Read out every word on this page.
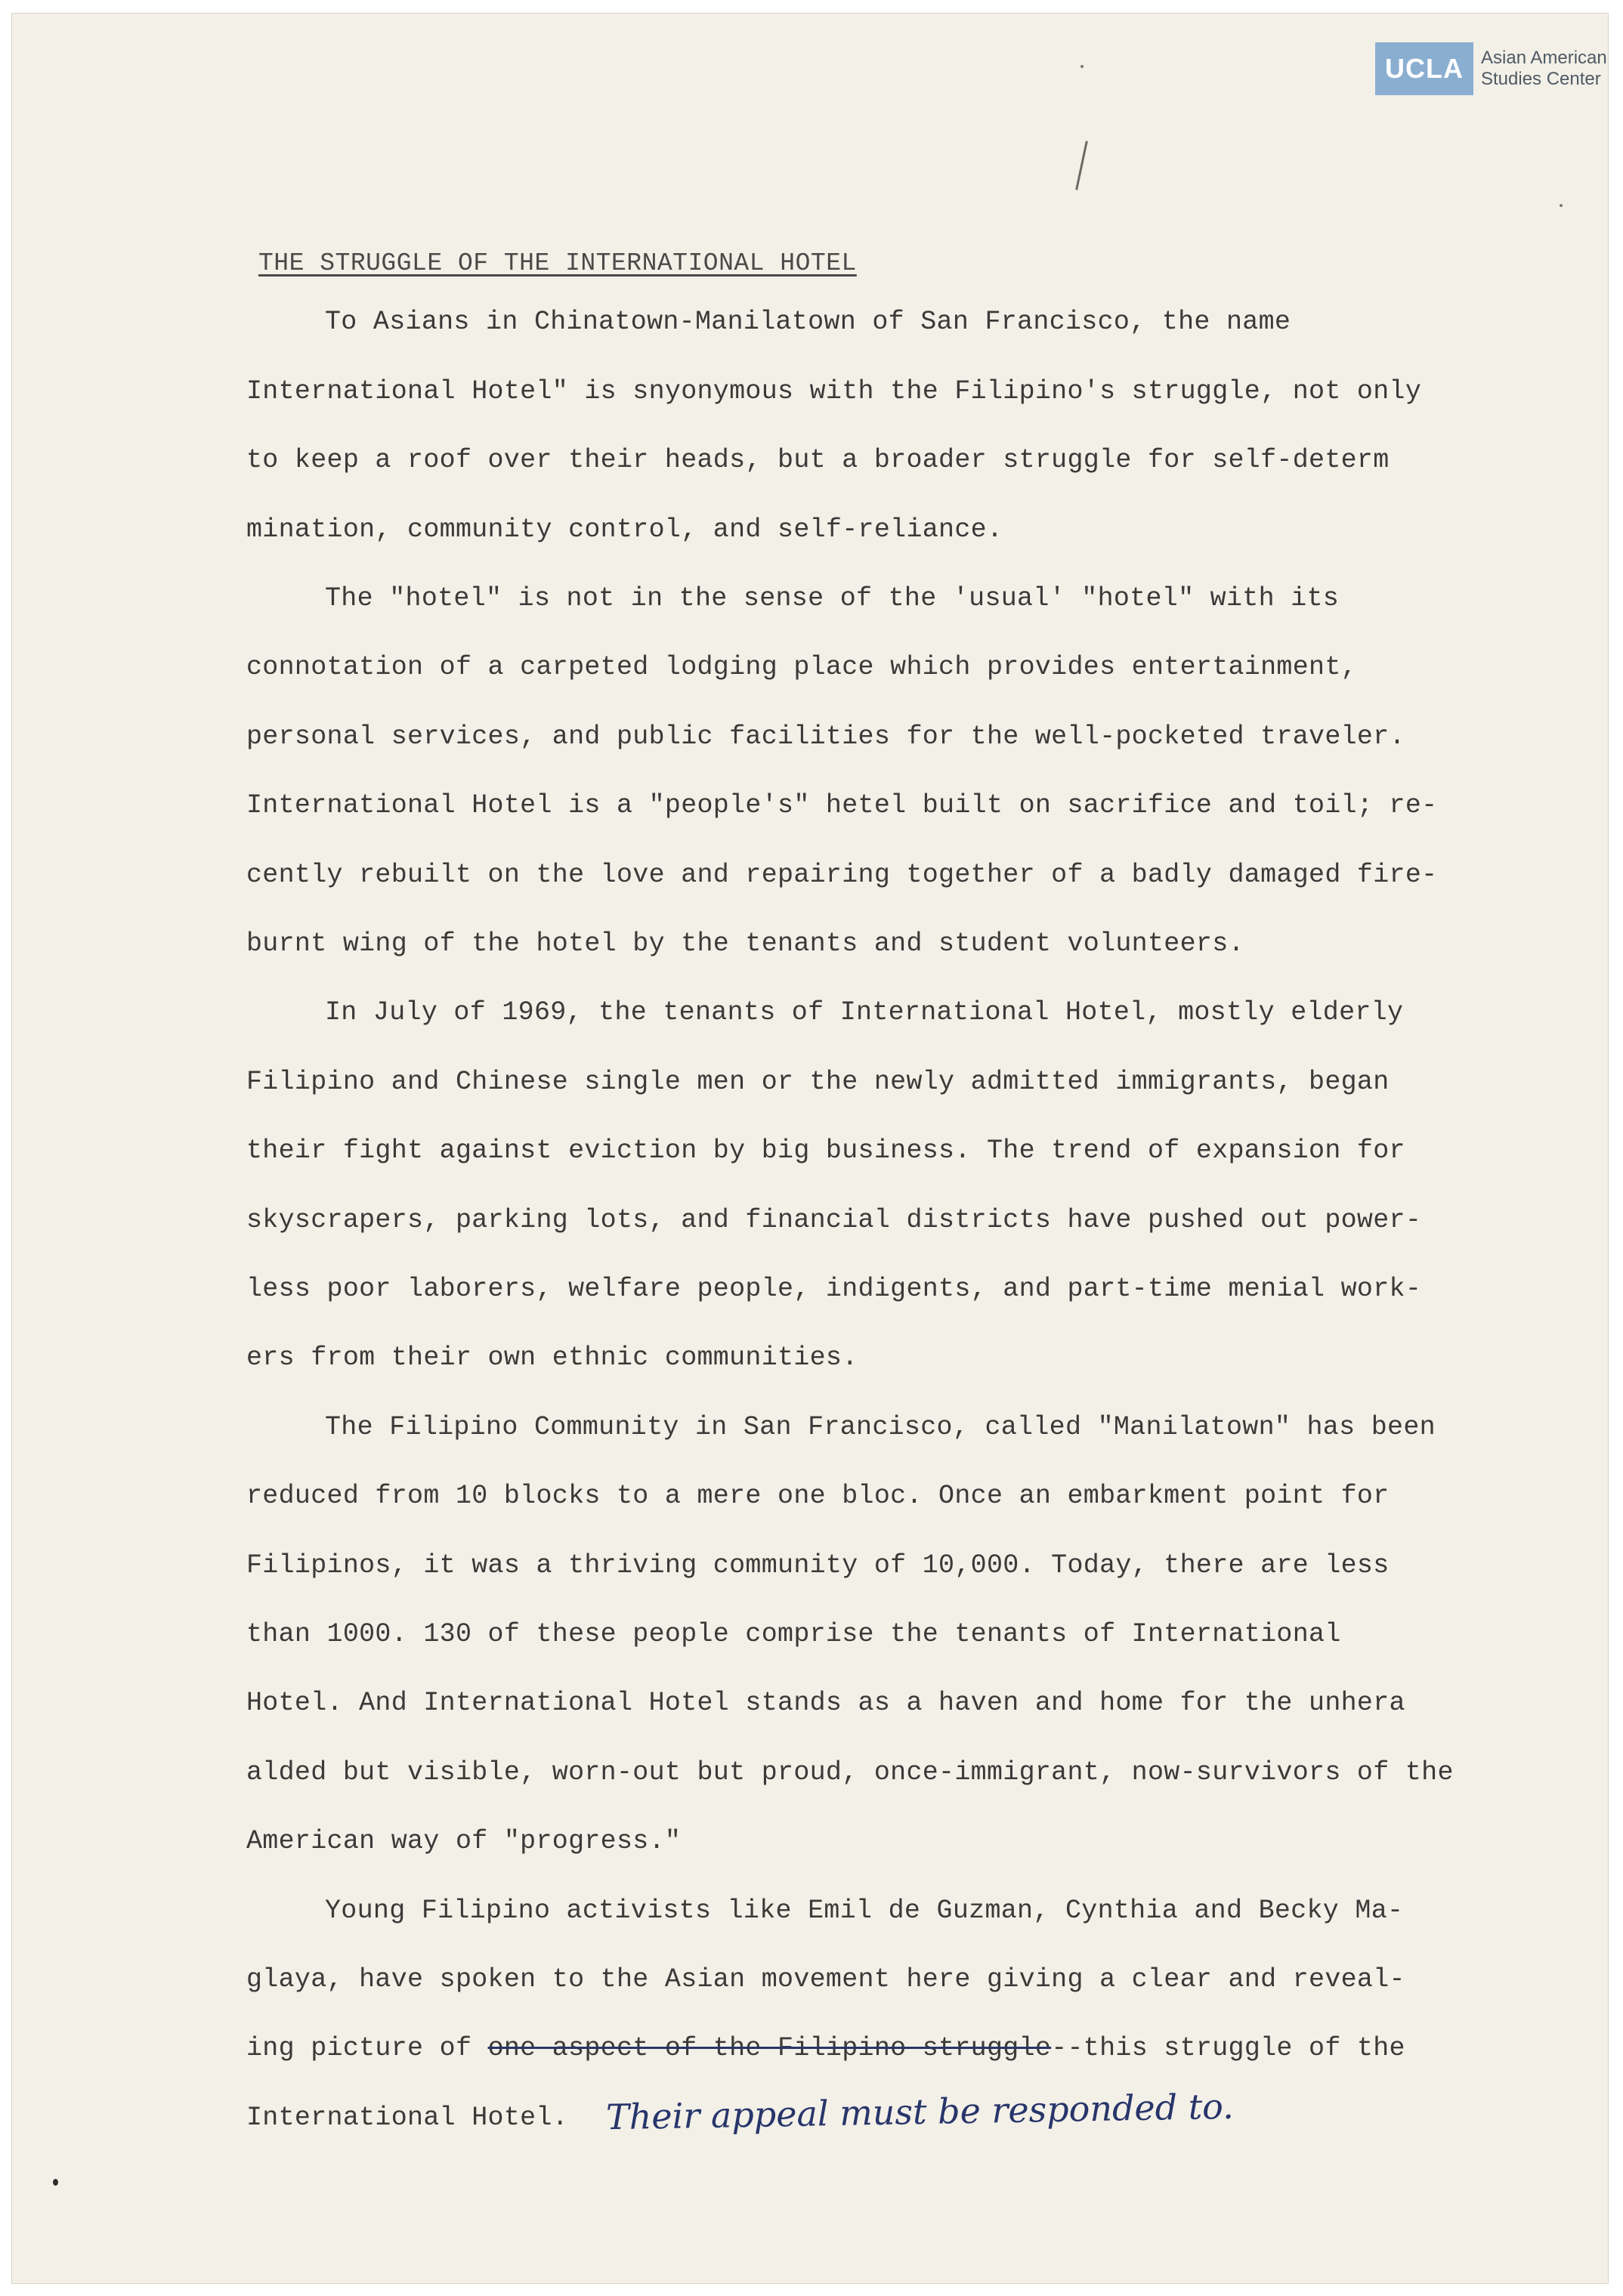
THE STRUGGLE OF THE INTERNATIONAL HOTEL
To Asians in Chinatown-Manilatown of San Francisco, the name
International Hotel" is snyonymous with the Filipino's struggle, not only
to keep a roof over their heads, but a broader struggle for self-determ
mination, community control, and self-reliance.
The "hotel" is not in the sense of the 'usual' "hotel" with its
connotation of a carpeted lodging place which provides entertainment,
personal services, and public facilities for the well-pocketed traveler.
International Hotel is a "people's" hetel built on sacrifice and toil; re-
cently rebuilt on the love and repairing together of a badly damaged fire-
burnt wing of the hotel by the tenants and student volunteers.
In July of 1969, the tenants of International Hotel, mostly elderly
Filipino and Chinese single men or the newly admitted immigrants, began
their fight against eviction by big business. The trend of expansion for
skyscrapers, parking lots, and financial districts have pushed out power-
less poor laborers, welfare people, indigents, and part-time menial work-
ers from their own ethnic communities.
The Filipino Community in San Francisco, called "Manilatown" has been
reduced from 10 blocks to a mere one bloc. Once an embarkment point for
Filipinos, it was a thriving community of 10,000. Today, there are less
than 1000. 130 of these people comprise the tenants of International
Hotel. And International Hotel stands as a haven and home for the unhera
alded but visible, worn-out but proud, once-immigrant, now-survivors of the
American way of "progress."
Young Filipino activists like Emil de Guzman, Cynthia and Becky Ma-
glaya, have spoken to the Asian movement here giving a clear and reveal-
ing picture of one aspect of the Filipino struggle--this struggle of the
International Hotel. Their appeal must be responded to.
UCLA Asian American
Studies Center
